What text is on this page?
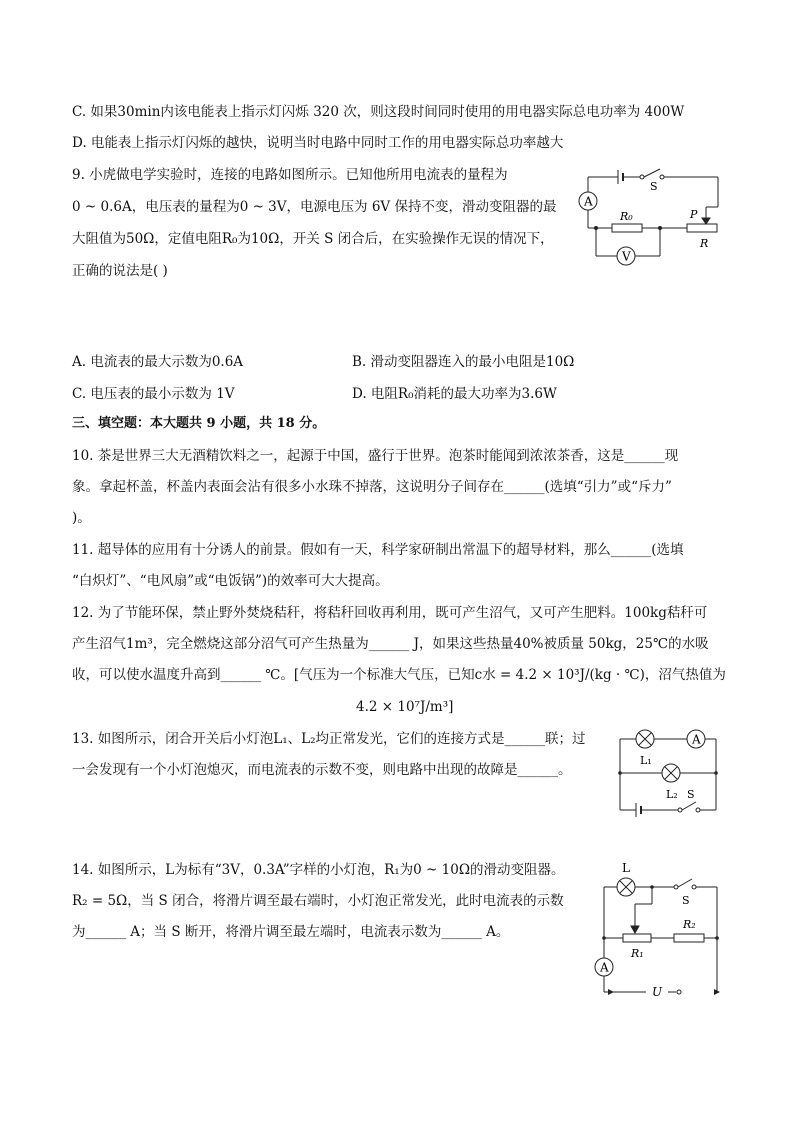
C. 如果30min内该电能表上指示灯闪烁 320 次，则这段时间同时使用的用电器实际总电功率为 400W
D. 电能表上指示灯闪烁的越快，说明当时电路中同时工作的用电器实际总功率越大
9. 小虎做电学实验时，连接的电路如图所示。已知他所用电流表的量程为
0 ~ 0.6A，电压表的量程为0 ~ 3V，电源电压为 6V 保持不变，滑动变阻器的最
大阻值为50Ω，定值电阻R₀为10Ω，开关 S 闭合后，在实验操作无误的情况下，
正确的说法是( )
A
V
S
R₀	P
R
A. 电流表的最大示数为0.6A	B. 滑动变阻器连入的最小电阻是10Ω
C. 电压表的最小示数为 1V	D. 电阻R₀消耗的最大功率为3.6W
三、填空题：本大题共 9 小题，共 18 分。
10. 茶是世界三大无酒精饮料之一，起源于中国，盛行于世界。泡茶时能闻到浓浓茶香，这是______现
象。拿起杯盖，杯盖内表面会沾有很多小水珠不掉落，这说明分子间存在______(选填“引力”或“斥力”
)。
11. 超导体的应用有十分诱人的前景。假如有一天，科学家研制出常温下的超导材料，那么______(选填
“白炽灯”、“电风扇”或“电饭锅”)的效率可大大提高。
12. 为了节能环保，禁止野外焚烧秸秆，将秸秆回收再利用，既可产生沼气，又可产生肥料。100kg秸秆可
产生沼气1m³，完全燃烧这部分沼气可产生热量为______ J，如果这些热量40%被质量 50kg，25℃的水吸
收，可以使水温度升高到______ ℃。[气压为一个标准大气压，已知c水 = 4.2 × 10³J/(kg · ℃)，沼气热值为
4.2 × 10⁷J/m³]
13. 如图所示，闭合开关后小灯泡L₁、L₂均正常发光，它们的连接方式是______联；过
一会发现有一个小灯泡熄灭，而电流表的示数不变，则电路中出现的故障是______。
A
L₁
L₂ S
14. 如图所示，L为标有“3V，0.3A”字样的小灯泡，R₁为0 ~ 10Ω的滑动变阻器。
R₂ = 5Ω，当 S 闭合，将滑片调至最右端时，小灯泡正常发光，此时电流表的示数
为______ A；当 S 断开，将滑片调至最左端时，电流表示数为______ A。
L
S
R₁
R₂
A
U
